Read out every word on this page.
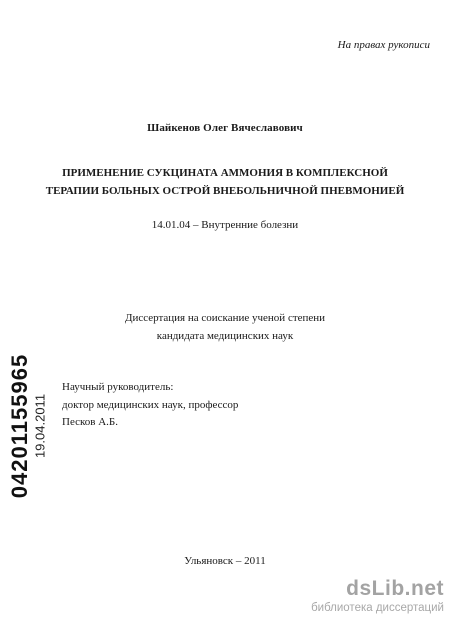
На правах рукописи
Шайкенов Олег Вячеславович
ПРИМЕНЕНИЕ СУКЦИНАТА АММОНИЯ В КОМПЛЕКСНОЙ
ТЕРАПИИ БОЛЬНЫХ ОСТРОЙ ВНЕБОЛЬНИЧНОЙ ПНЕВМОНИЕЙ
14.01.04 – Внутренние болезни
Диссертация на соискание ученой степени
кандидата медицинских наук
Научный руководитель:
доктор медицинских наук, профессор
Песков А.Б.
Ульяновск – 2011
04201155965 19.04.2011
dsLib.net
библиотека диссертаций
